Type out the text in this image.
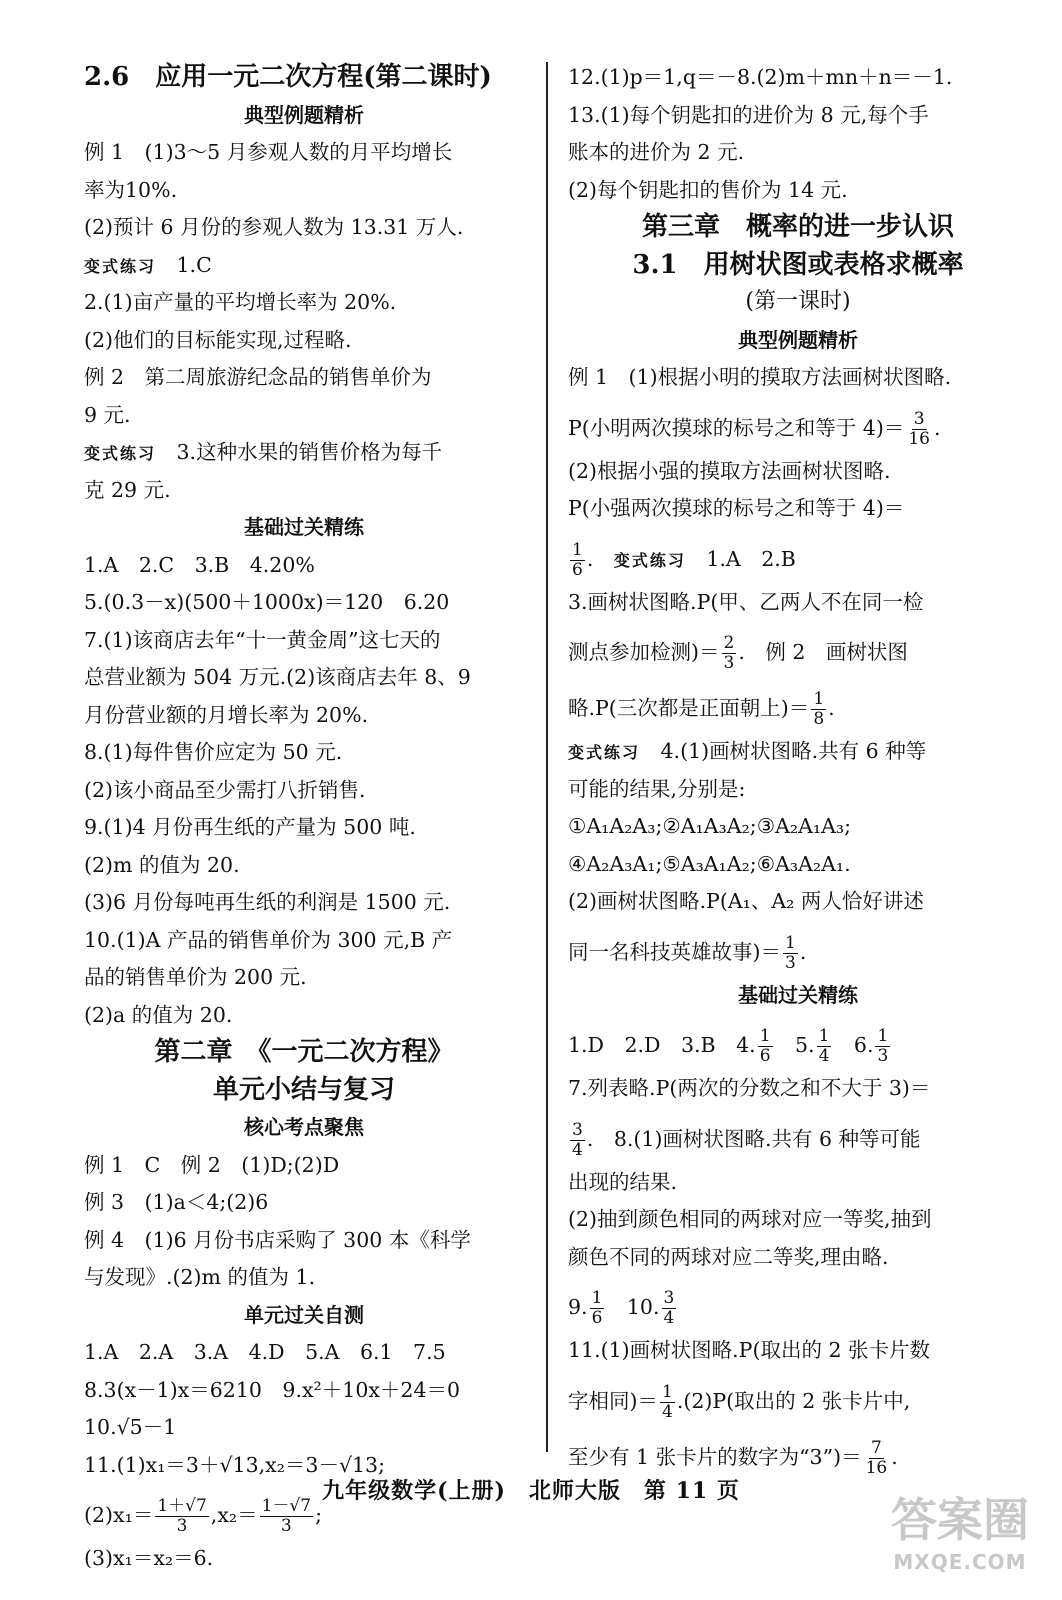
2.6　应用一元二次方程(第二课时)
典型例题精析
例 1　(1)3～5 月参观人数的月平均增长
率为10%.
(2)预计 6 月份的参观人数为 13.31 万人.
变式练习　 1.C
2.(1)亩产量的平均增长率为 20%.
(2)他们的目标能实现,过程略.
例 2　第二周旅游纪念品的销售单价为
9 元.
变式练习　 3.这种水果的销售价格为每千
克 29 元.
基础过关精练
1.A　2.C　3.B　4.20%
5.(0.3－x)(500＋1000x)＝120　6.20
7.(1)该商店去年“十一黄金周”这七天的
总营业额为 504 万元.(2)该商店去年 8、9
月份营业额的月增长率为 20%.
8.(1)每件售价应定为 50 元.
(2)该小商品至少需打八折销售.
9.(1)4 月份再生纸的产量为 500 吨.
(2)m 的值为 20.
(3)6 月份每吨再生纸的利润是 1500 元.
10.(1)A 产品的销售单价为 300 元,B 产
品的销售单价为 200 元.
(2)a 的值为 20.
第二章　《一元二次方程》
单元小结与复习
核心考点聚焦
例 1　C　例 2　(1)D;(2)D
例 3　(1)a＜4;(2)6
例 4　(1)6 月份书店采购了 300 本《科学
与发现》.(2)m 的值为 1.
单元过关自测
1.A　2.A　3.A　4.D　5.A　6.1　7.5
8.3(x－1)x＝6210　9.x²＋10x＋24＝0
10.√5－1
11.(1)x₁＝3＋√13,x₂＝3－√13;
$(2)x_1= \frac{1+√7}{3} ,x_2= \frac{1-√7}{3}$ ;
(3)x₁＝x₂＝6.
12.(1)p＝1,q＝－8.(2)m＋mn＋n＝－1.
13.(1)每个钥匙扣的进价为 8 元,每个手
账本的进价为 2 元.
(2)每个钥匙扣的售价为 14 元.
第三章　概率的进一步认识
3.1　用树状图或表格求概率
(第一课时)
典型例题精析
例 1　(1)根据小明的摸取方法画树状图略.
P(小明两次摸球的标号之和等于 $4)= \frac{3}{16}$ .
(2)根据小强的摸取方法画树状图略.
P(小强两次摸球的标号之和等于 4)＝
$\frac{1}{6}$ .　变式练习　 1.A　2.B
3.画树状图略.P(甲、乙两人不在同一检
测点参加检测)＝ $\frac{2}{3}$ .　例 2　画树状图
略.P(三次都是正面朝上)＝ $\frac{1}{8}$ .
变式练习　 4.(1)画树状图略.共有 6 种等
可能的结果,分别是:
①A₁A₂A₃;②A₁A₃A₂;③A₂A₁A₃;
④A₂A₃A₁;⑤A₃A₁A₂;⑥A₃A₂A₁.
(2)画树状图略.P(A₁、A₂ 两人恰好讲述
同一名科技英雄故事)＝ $\frac{1}{3}$ .
基础过关精练
1.D　2.D　3.B　4. $\frac{1}{6}$ 　5. $\frac{1}{4}$ 　6. $\frac{1}{3}$
7.列表略.P(两次的分数之和不大于 3)＝
$\frac{3}{4}$ .　8.(1)画树状图略.共有 6 种等可能
出现的结果.
(2)抽到颜色相同的两球对应一等奖,抽到
颜色不同的两球对应二等奖,理由略.
9. $\frac{1}{6}$ 　10. $\frac{3}{4}$
11.(1)画树状图略.P(取出的 2 张卡片数
字相同)＝ $\frac{1}{4} .(2)P$(取出的 2 张卡片中,
至少有 1 张卡片的数字为“3”)＝ $\frac{7}{16}$ .
九年级数学(上册)　北师大版　第 11 页
答案圈
MXQE.COM
